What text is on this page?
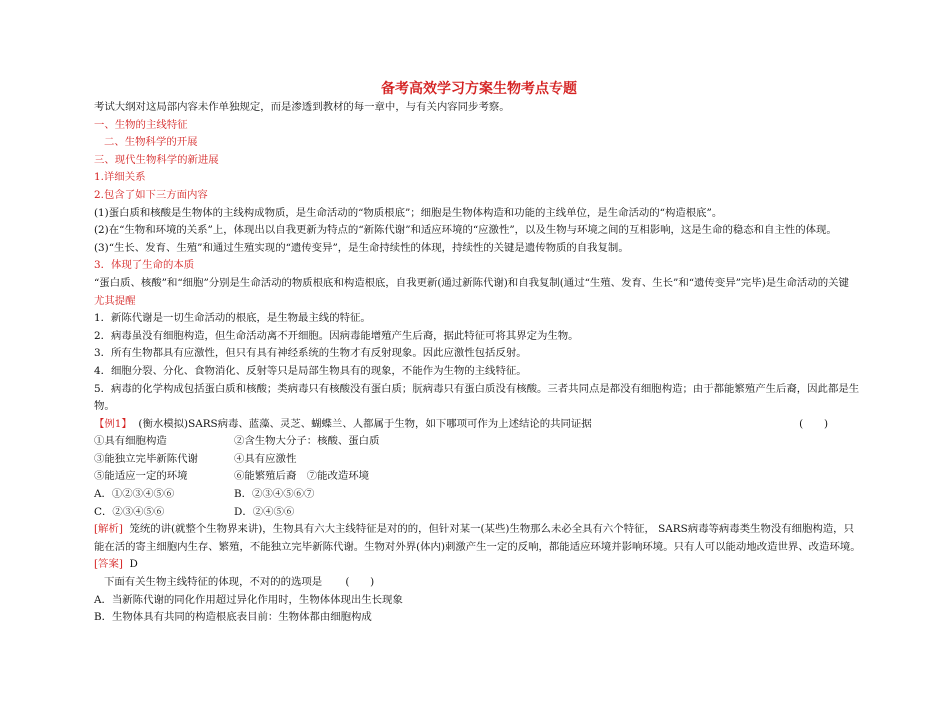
备考高效学习方案生物考点专题
考试大纲对这局部内容未作单独规定，而是渗透到教材的每一章中，与有关内容同步考察。
一、生物的主线特征
二、生物科学的开展
三、现代生物科学的新进展
1.详细关系
2.包含了如下三方面内容
(1)蛋白质和核酸是生物体的主线构成物质，是生命活动的“物质根底”；细胞是生物体构造和功能的主线单位，是生命活动的“构造根底”。
(2)在“生物和环境的关系”上，体现出以自我更新为特点的“新陈代谢”和适应环境的“应激性”，以及生物与环境之间的互相影响，这是生命的稳态和自主性的体现。
(3)“生长、发育、生殖”和通过生殖实现的“遗传变异”，是生命持续性的体现，持续性的关键是遗传物质的自我复制。
3．体现了生命的本质
“蛋白质、核酸”和“细胞”分别是生命活动的物质根底和构造根底，自我更新(通过新陈代谢)和自我复制(通过“生殖、发育、生长”和“遗传变异”完毕)是生命活动的关键
尤其提醒
1．新陈代谢是一切生命活动的根底，是生物最主线的特征。
2．病毒虽没有细胞构造，但生命活动离不开细胞。因病毒能增殖产生后裔，据此特征可将其界定为生物。
3．所有生物都具有应激性，但只有具有神经系统的生物才有反射现象。因此应激性包括反射。
4．细胞分裂、分化、食物消化、反射等只是局部生物具有的现象，不能作为生物的主线特征。
5．病毒的化学构成包括蛋白质和核酸；类病毒只有核酸没有蛋白质；朊病毒只有蛋白质没有核酸。三者共同点是都没有细胞构造；由于都能繁殖产生后裔，因此都是生物。
【例1】 (衡水模拟)SARS病毒、蓝藻、灵芝、蝴蝶兰、人都属于生物，如下哪项可作为上述结论的共同证据	(　　)
①具有细胞构造	②含生物大分子：核酸、蛋白质
③能独立完毕新陈代谢	④具有应激性
⑤能适应一定的环境	⑥能繁殖后裔　⑦能改造环境
A．①②③④⑤⑥	B．②③④⑤⑥⑦
C．②③④⑤⑥	D．②④⑤⑥
[解析] 笼统的讲(就整个生物界来讲)，生物具有六大主线特征是对的的，但针对某一(某些)生物那么未必全具有六个特征， SARS病毒等病毒类生物没有细胞构造，只能在活的寄主细胞内生存、繁殖，不能独立完毕新陈代谢。生物对外界(体内)刺激产生一定的反响，都能适应环境并影响环境。只有人可以能动地改造世界、改造环境。
[答案] D
下面有关生物主线特征的体现，不对的的选项是 (　　)
A．当新陈代谢的同化作用超过异化作用时，生物体体现出生长现象
B．生物体具有共同的构造根底表目前：生物体都由细胞构成
